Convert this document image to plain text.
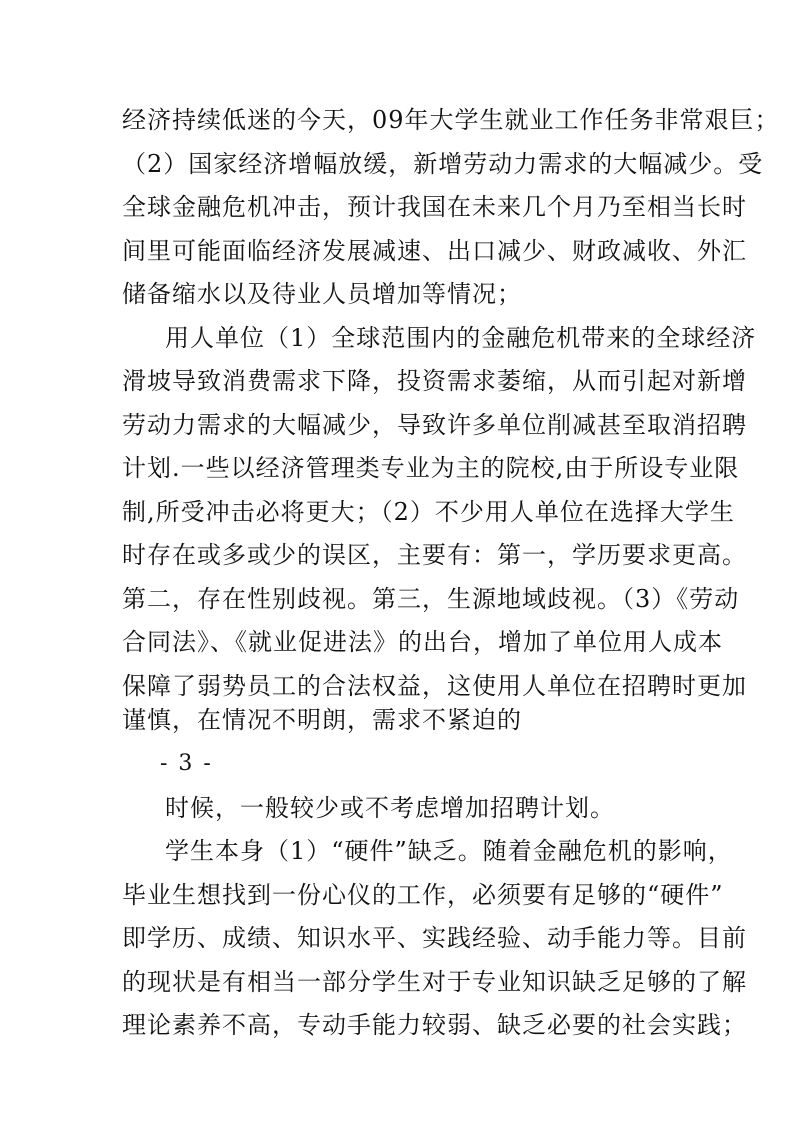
经济持续低迷的今天，09年大学生就业工作任务非常艰巨；
（2）国家经济增幅放缓，新增劳动力需求的大幅减少。受
全球金融危机冲击，预计我国在未来几个月乃至相当长时
间里可能面临经济发展减速、出口减少、财政减收、外汇
储备缩水以及待业人员增加等情况；
用人单位（1）全球范围内的金融危机带来的全球经济
滑坡导致消费需求下降，投资需求萎缩，从而引起对新增
劳动力需求的大幅减少，导致许多单位削减甚至取消招聘
计划.一些以经济管理类专业为主的院校,由于所设专业限
制,所受冲击必将更大；（2）不少用人单位在选择大学生
时存在或多或少的误区，主要有：第一，学历要求更高。
第二，存在性别歧视。第三，生源地域歧视。（3）《劳动
合同法》、《就业促进法》的出台，增加了单位用人成本
保障了弱势员工的合法权益，这使用人单位在招聘时更加
谨慎，在情况不明朗，需求不紧迫的
- 3 -
时候，一般较少或不考虑增加招聘计划。
学生本身（1）“硬件”缺乏。随着金融危机的影响，
毕业生想找到一份心仪的工作，必须要有足够的“硬件”
即学历、成绩、知识水平、实践经验、动手能力等。目前
的现状是有相当一部分学生对于专业知识缺乏足够的了解
理论素养不高，专动手能力较弱、缺乏必要的社会实践；
